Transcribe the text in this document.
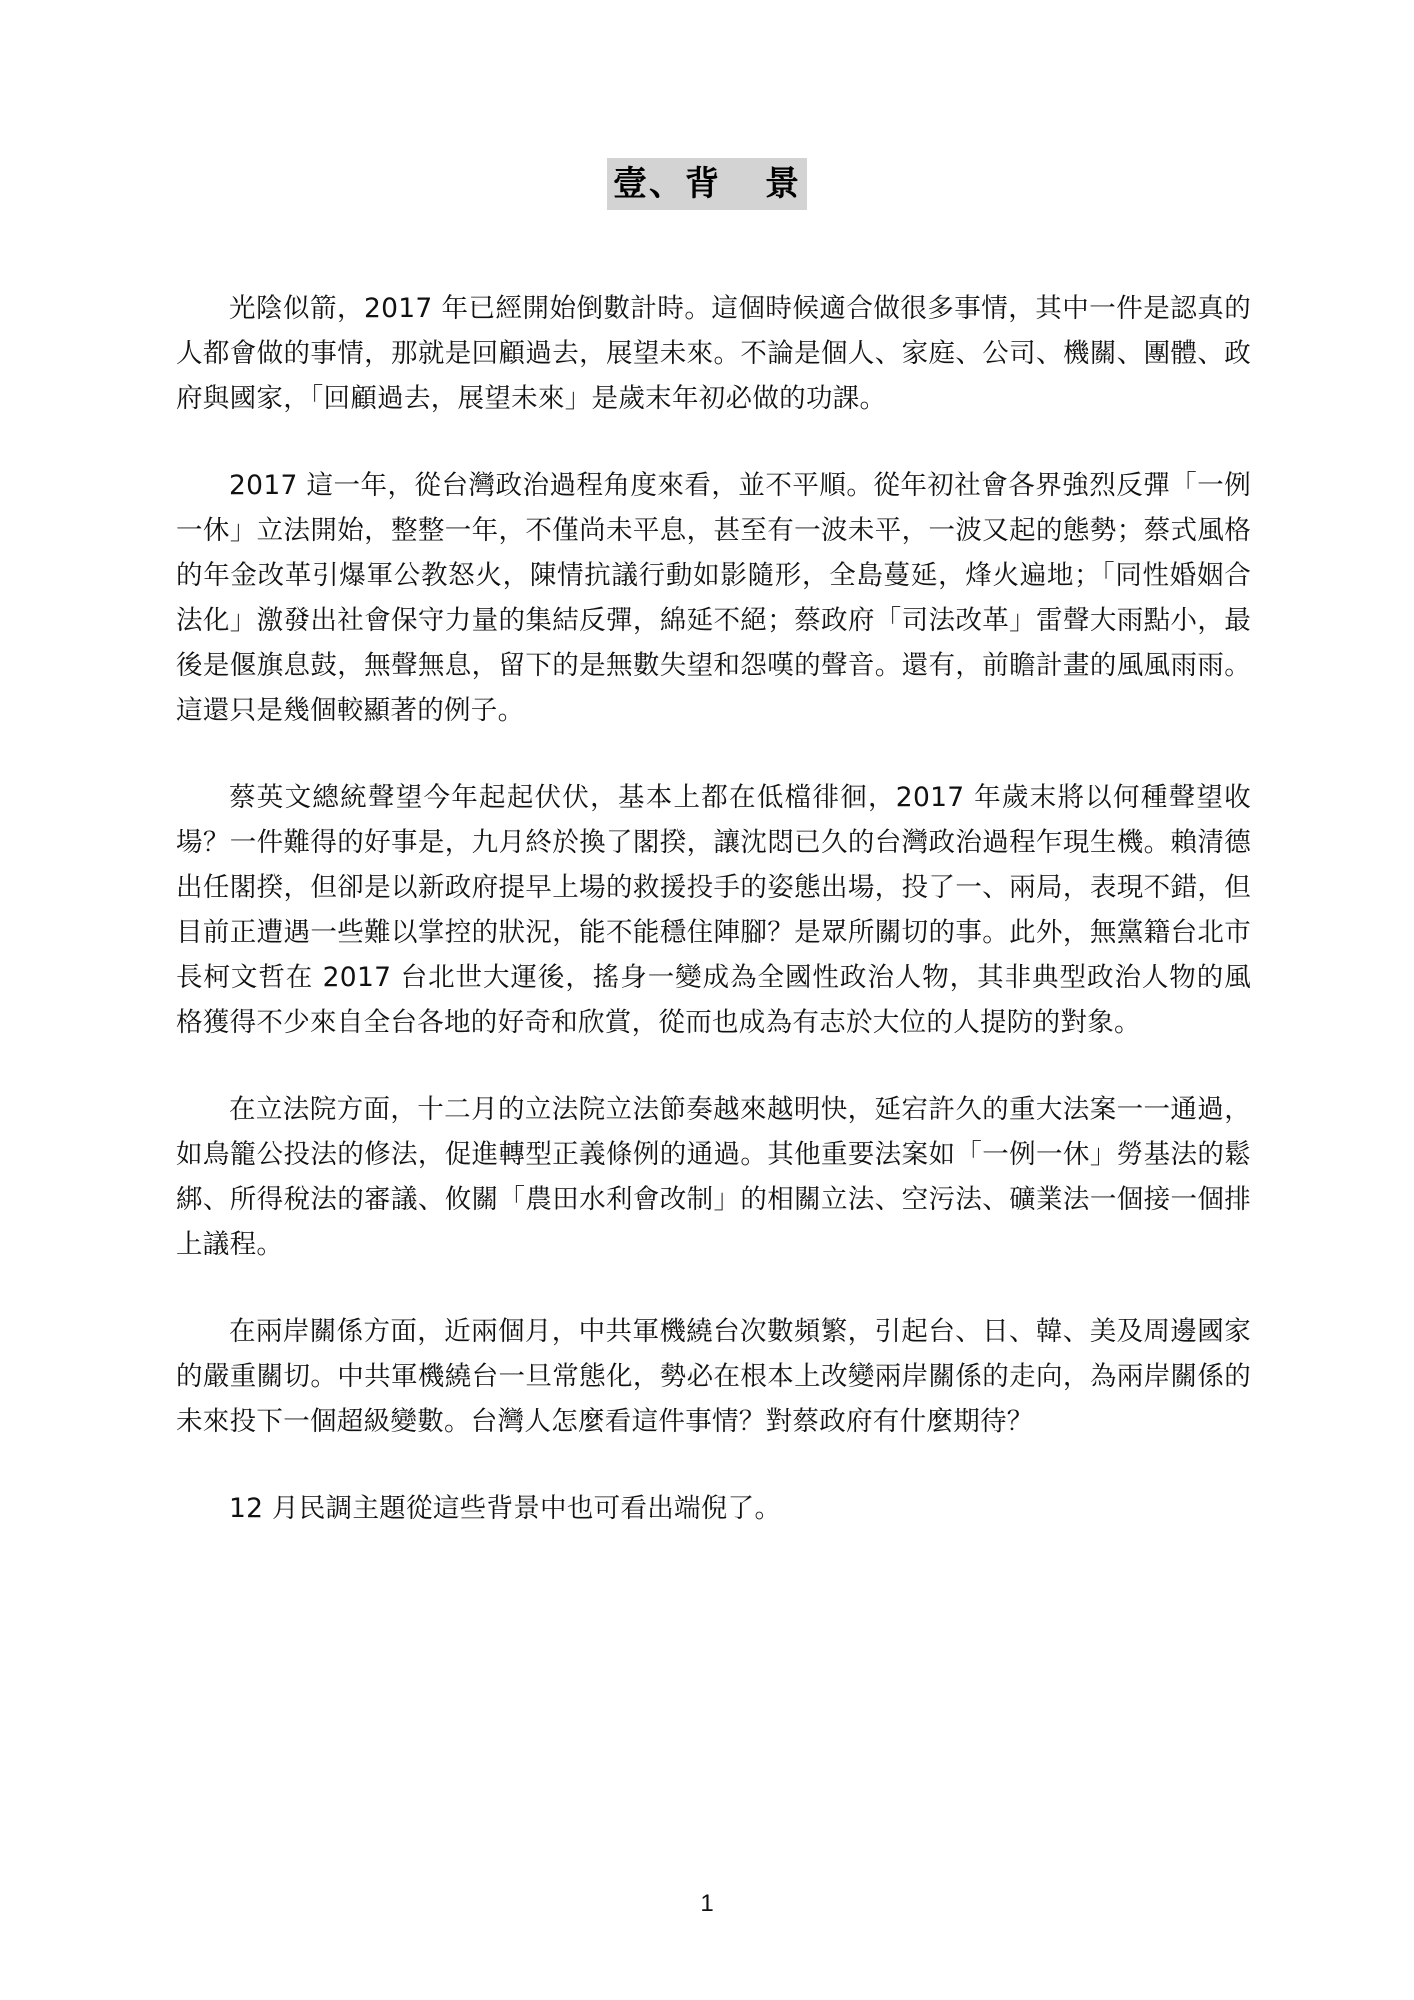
壹、背 景

光陰似箭，2017 年已經開始倒數計時。這個時候適合做很多事情，其中一件是認真的人都會做的事情，那就是回顧過去，展望未來。不論是個人、家庭、公司、機關、團體、政府與國家，「回顧過去，展望未來」是歲末年初必做的功課。

2017 這一年，從台灣政治過程角度來看，並不平順。從年初社會各界強烈反彈「一例一休」立法開始，整整一年，不僅尚未平息，甚至有一波未平，一波又起的態勢；蔡式風格的年金改革引爆軍公教怒火，陳情抗議行動如影隨形，全島蔓延，烽火遍地；「同性婚姻合法化」激發出社會保守力量的集結反彈，綿延不絕；蔡政府「司法改革」雷聲大雨點小，最後是偃旗息鼓，無聲無息，留下的是無數失望和怨嘆的聲音。還有，前瞻計畫的風風雨雨。這還只是幾個較顯著的例子。

蔡英文總統聲望今年起起伏伏，基本上都在低檔徘徊，2017 年歲末將以何種聲望收場？一件難得的好事是，九月終於換了閣揆，讓沈悶已久的台灣政治過程乍現生機。賴清德出任閣揆，但卻是以新政府提早上場的救援投手的姿態出場，投了一、兩局，表現不錯，但目前正遭遇一些難以掌控的狀況，能不能穩住陣腳？是眾所關切的事。此外，無黨籍台北市長柯文哲在 2017 台北世大運後，搖身一變成為全國性政治人物，其非典型政治人物的風格獲得不少來自全台各地的好奇和欣賞，從而也成為有志於大位的人提防的對象。

在立法院方面，十二月的立法院立法節奏越來越明快，延宕許久的重大法案一一通過，如鳥籠公投法的修法，促進轉型正義條例的通過。其他重要法案如「一例一休」勞基法的鬆綁、所得稅法的審議、攸關「農田水利會改制」的相關立法、空污法、礦業法一個接一個排上議程。

在兩岸關係方面，近兩個月，中共軍機繞台次數頻繁，引起台、日、韓、美及周邊國家的嚴重關切。中共軍機繞台一旦常態化，勢必在根本上改變兩岸關係的走向，為兩岸關係的未來投下一個超級變數。台灣人怎麼看這件事情？對蔡政府有什麼期待？

12 月民調主題從這些背景中也可看出端倪了。

1
